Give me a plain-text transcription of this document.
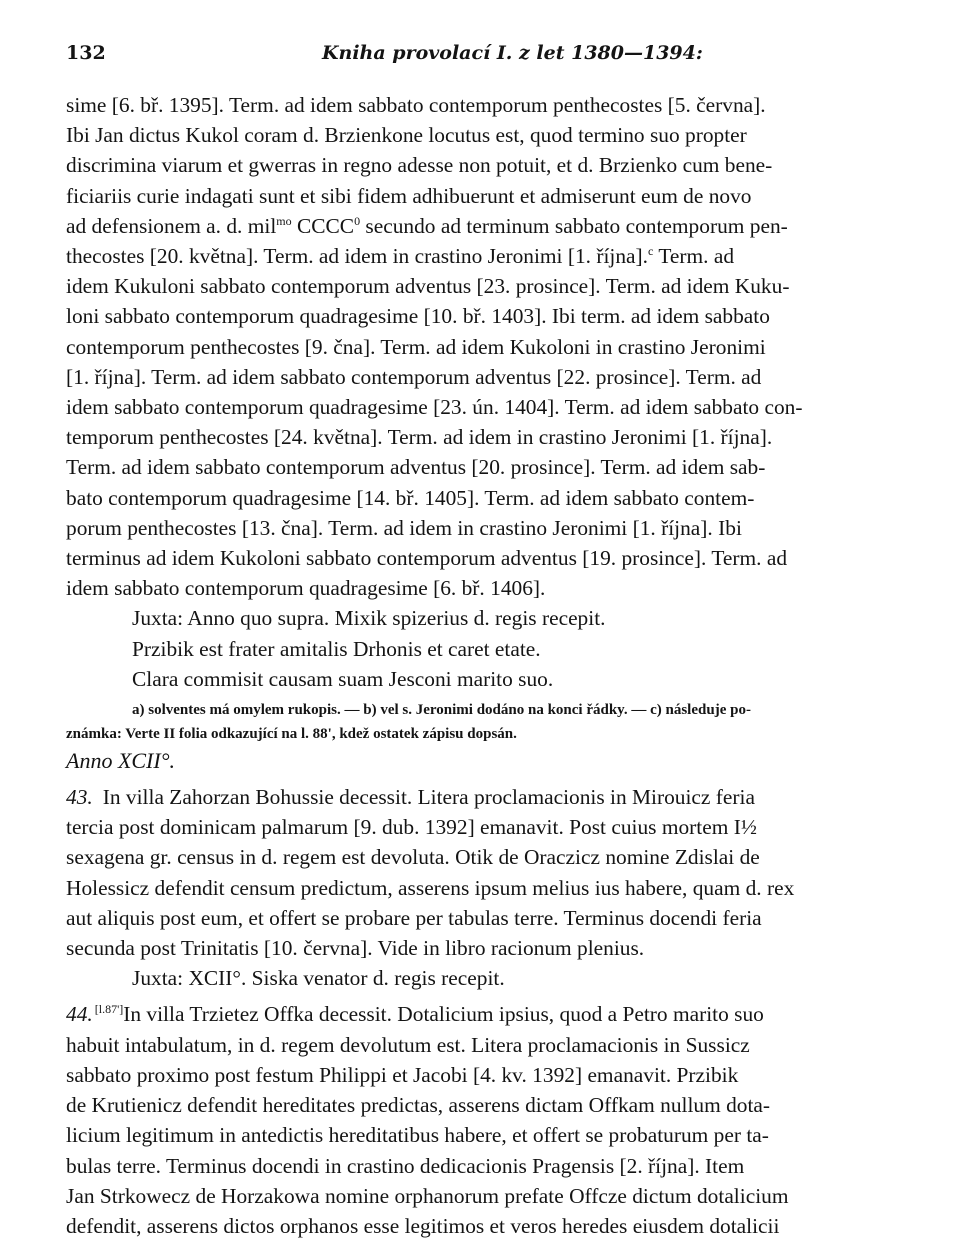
132	Kniha provolací I. z let 1380—1394:

sime [6. bř. 1395]. Term. ad idem sabbato contemporum penthecostes [5. června].

Ibi Jan dictus Kukol coram d. Brzienkone locutus est, quod termino suo propter

discrimina viarum et gwerras in regno adesse non potuit, et d. Brzienko cum bene-

ficiariis curie indagati sunt et sibi fidem adhibuerunt et admiserunt eum de novo

ad defensionem a. d. mil$^{mo}$ CCCC$^0$ secundo ad terminum sabbato contemporum pen-

thecostes [20. května]. Term. ad idem in crastino Jeronimi [1. října].$^c$ Term. ad

idem Kukuloni sabbato contemporum adventus [23. prosince]. Term. ad idem Kuku-

loni sabbato contemporum quadragesime [10. bř. 1403]. Ibi term. ad idem sabbato

contemporum penthecostes [9. čna]. Term. ad idem Kukoloni in crastino Jeronimi

[1. října]. Term. ad idem sabbato contemporum adventus [22. prosince]. Term. ad

idem sabbato contemporum quadragesime [23. ún. 1404]. Term. ad idem sabbato con-

temporum penthecostes [24. května]. Term. ad idem in crastino Jeronimi [1. října].

Term. ad idem sabbato contemporum adventus [20. prosince]. Term. ad idem sab-

bato contemporum quadragesime [14. bř. 1405]. Term. ad idem sabbato contem-

porum penthecostes [13. čna]. Term. ad idem in crastino Jeronimi [1. října]. Ibi

terminus ad idem Kukoloni sabbato contemporum adventus [19. prosince]. Term. ad

idem sabbato contemporum quadragesime [6. bř. 1406].

Juxta: Anno quo supra. Mixik spizerius d. regis recepit.

Przibik est frater amitalis Drhonis et caret etate.

Clara commisit causam suam Jesconi marito suo.

a) solventes má omylem rukopis. — b) vel s. Jeronimi dodáno na konci řádky. — c) následuje po-

známka: Verte II folia odkazující na l. 88', kdež ostatek zápisu dopsán.

Anno XCII°.

43. In villa Zahorzan Bohussie decessit. Litera proclamacionis in Mirouicz feria

tercia post dominicam palmarum [9. dub. 1392] emanavit. Post cuius mortem I½

sexagena gr. census in d. regem est devoluta. Otik de Oraczicz nomine Zdislai de

Holessicz defendit censum predictum, asserens ipsum melius ius habere, quam d. rex

aut aliquis post eum, et offert se probare per tabulas terre. Terminus docendi feria

secunda post Trinitatis [10. června]. Vide in libro racionum plenius.

Juxta: XCII°. Siska venator d. regis recepit.

44. [l.87']In villa Trzietez Offka decessit. Dotalicium ipsius, quod a Petro marito suo

habuit intabulatum, in d. regem devolutum est. Litera proclamacionis in Sussicz

sabbato proximo post festum Philippi et Jacobi [4. kv. 1392] emanavit. Przibik

de Krutienicz defendit hereditates predictas, asserens dictam Offkam nullum dota-

licium legitimum in antedictis hereditatibus habere, et offert se probaturum per ta-

bulas terre. Terminus docendi in crastino dedicacionis Pragensis [2. října]. Item

Jan Strkowecz de Horzakowa nomine orphanorum prefate Offcze dictum dotalicium

defendit, asserens dictos orphanos esse legitimos et veros heredes eiusdem dotalicii
